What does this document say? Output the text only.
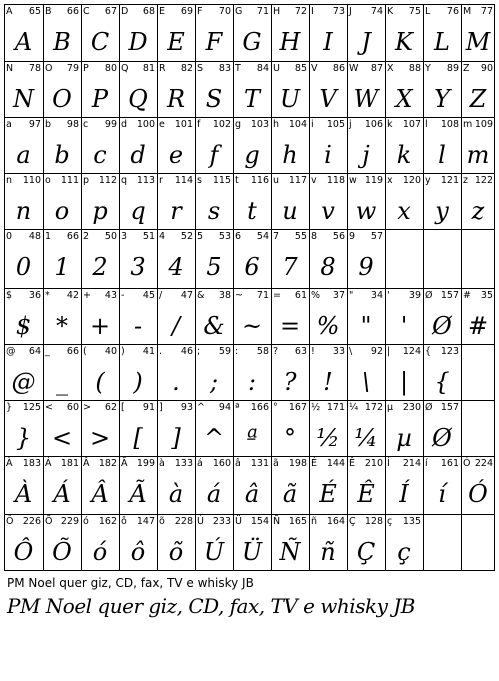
A 65
A
B 66
B
C 67
C
D 68
D
E 69
E
F 70
F
G 71
G
H 72
H
I 73
I
J 74
J
K 75
K
L 76
L
M 77
M
N 78
N
O 79
O
P 80
P
Q 81
Q
R 82
R
S 83
S
T 84
T
U 85
U
V 86
V
W 87
W
X 88
X
Y 89
Y
Z 90
Z
a 97
a
b 98
b
c 99
c
d 100
d
e 101
e
f 102
f
g 103
g
h 104
h
i 105
i
j 106
j
k 107
k
l 108
l
m 109
m
n 110
n
o 111
o
p 112
p
q 113
q
r 114
r
s 115
s
t 116
t
u 117
u
v 118
v
w 119
w
x 120
x
y 121
y
z 122
z
0 48
0
1 66
1
2 50
2
3 51
3
4 52
4
5 53
5
6 54
6
7 55
7
8 56
8
9 57
9
$ 36
$
* 42
*
+ 43
+
- 45
-
/ 47
/
& 38
&
~ 71
~
= 61
=
% 37
%
" 34
"
' 39
'
Ø 157
Ø
# 35
#
@ 64
@
_ 66
_
( 40
(
) 41
)
. 46
.
; 59
;
: 58
:
? 63
?
! 33
!
\ 92
\
| 124
|
{ 123
{
} 125
}
< 60
<
> 62
>
[ 91
[
] 93
]
^ 94
^
ª 166
ª
° 167
°
½ 171
½
¼ 172
¼
µ 230
µ
Ø 157
Ø
À 183
À
Á 181
Á
Â 182
Â
Ã 199
Ã
à 133
à
á 160
á
â 131
â
ã 198
ã
É 144
É
Ê 210
Ê
Í 214
Í
í 161
í
Ó 224
Ó
Ô 226
Ô
Õ 229
Õ
ó 162
ó
ô 147
ô
õ 228
õ
Ú 233
Ú
Ü 154
Ü
Ñ 165
Ñ
ñ 164
ñ
Ç 128
Ç
ç 135
ç
PM Noel quer giz, CD, fax, TV e whisky JB
PM Noel quer giz, CD, fax, TV e whisky JB
